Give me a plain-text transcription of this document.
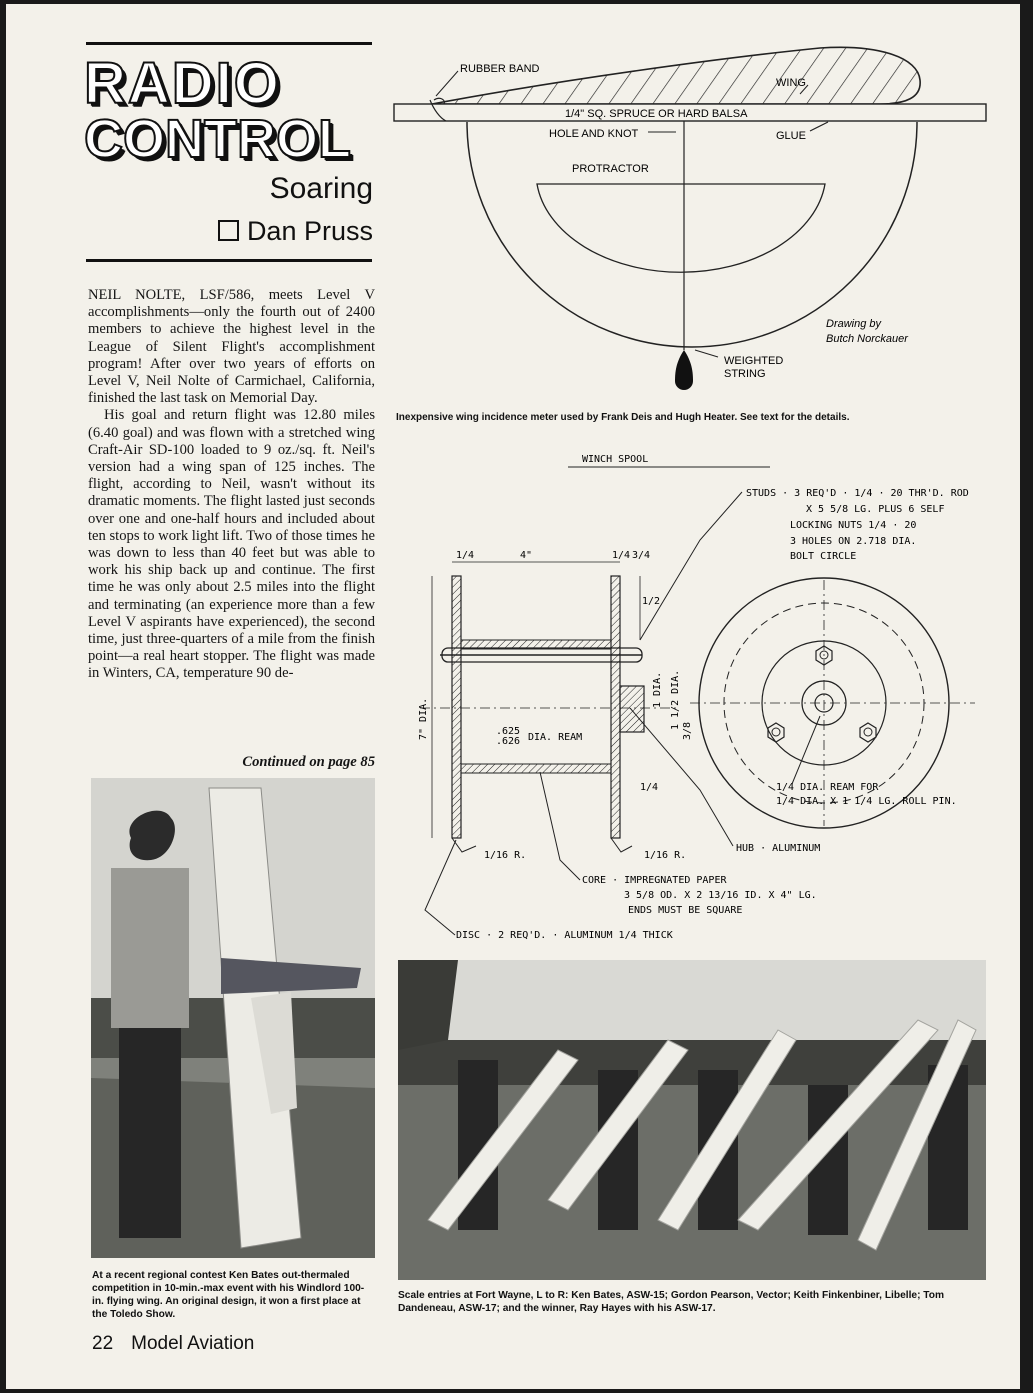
RADIO
CONTROL
Soaring
Dan Pruss

NEIL NOLTE, LSF/586, meets Level V accomplishments—only the fourth out of 2400 members to achieve the highest level in the League of Silent Flight's accomplishment program! After over two years of efforts on Level V, Neil Nolte of Carmichael, California, finished the last task on Memorial Day.

His goal and return flight was 12.80 miles (6.40 goal) and was flown with a stretched wing Craft-Air SD-100 loaded to 9 oz./sq. ft. Neil's version had a wing span of 125 inches. The flight, according to Neil, wasn't without its dramatic moments. The flight lasted just seconds over one and one-half hours and included about ten stops to work light lift. Two of those times he was down to less than 40 feet but was able to work his ship back up and continue. The first time he was only about 2.5 miles into the flight and terminating (an experience more than a few Level V aspirants have experienced), the second time, just three-quarters of a mile from the finish point—a real heart stopper. The flight was made in Winters, CA, temperature 90 de-

Continued on page 85
RUBBER BAND
WING
1/4" SQ. SPRUCE OR HARD BALSA
HOLE AND KNOT	GLUE
PROTRACTOR
WEIGHTED
STRING
Drawing by
Butch Norckauer
WINCH SPOOL
1/4	4"	1/4 3/4
1/2
7" DIA.	.625
.626 DIA. REAM
1 DIA. 1 1/2 DIA.
3/8
1/4
1/16 R.	1/16 R.
STUDS · 3 REQ'D · 1/4 · 20 THR'D. ROD
X 5 5/8 LG. PLUS 6 SELF
LOCKING NUTS 1/4 · 20
3 HOLES ON 2.718 DIA.
BOLT CIRCLE
1/4 DIA. REAM FOR
1/4 DIA. X 1 1/4 LG. ROLL PIN.
HUB · ALUMINUM
CORE · IMPREGNATED PAPER
3 5/8 OD. X 2 13/16 ID. X 4" LG.
ENDS MUST BE SQUARE
DISC · 2 REQ'D. · ALUMINUM 1/4 THICK
Inexpensive wing incidence meter used by Frank Deis and Hugh Heater. See text for the details.
At a recent regional contest Ken Bates out-thermaled competition in 10-min.-max event with his Windlord 100-in. flying wing. An original design, it won a first place at the Toledo Show.
Scale entries at Fort Wayne, L to R: Ken Bates, ASW-15; Gordon Pearson, Vector; Keith Finkenbiner, Libelle; Tom Dandeneau, ASW-17; and the winner, Ray Hayes with his ASW-17.
22 Model Aviation
